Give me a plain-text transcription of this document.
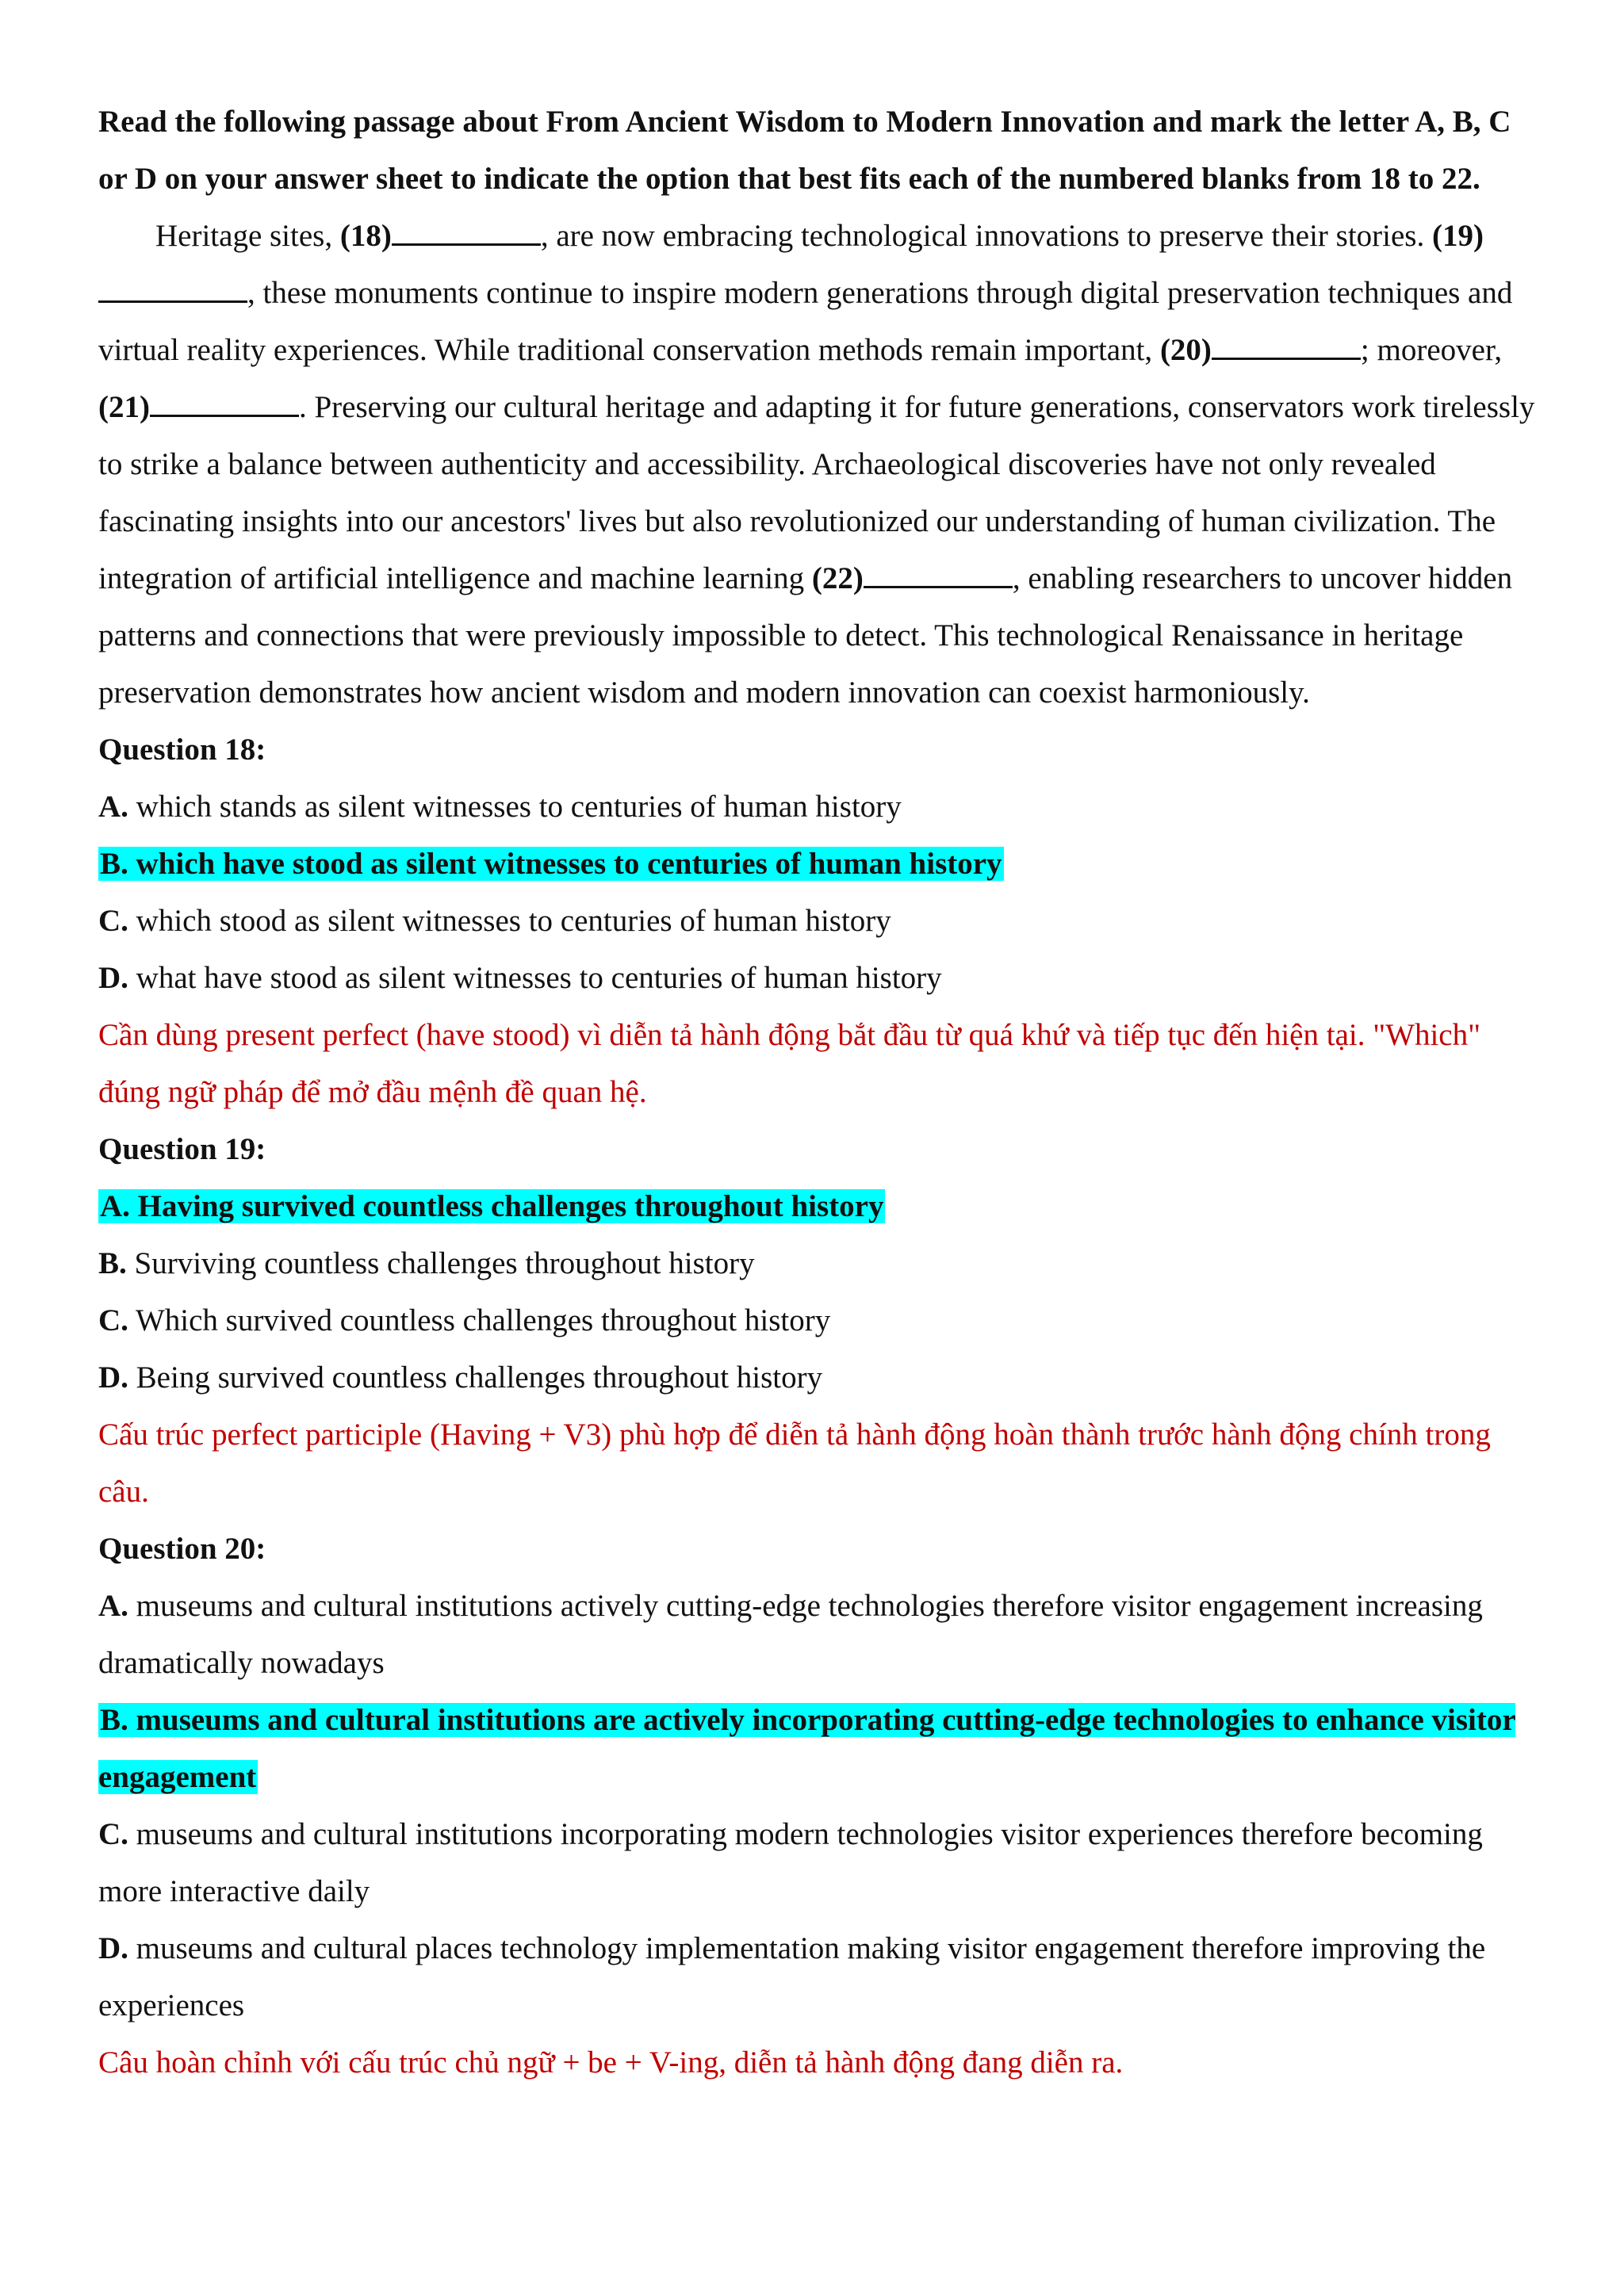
Read the following passage about From Ancient Wisdom to Modern Innovation and mark the letter A, B, C or D on your answer sheet to indicate the option that best fits each of the numbered blanks from 18 to 22.

Heritage sites, (18)	, are now embracing technological innovations to preserve their stories. (19), these monuments continue to inspire modern generations through digital preservation techniques and virtual reality experiences. While traditional conservation methods remain important, (20)	; moreover, (21)	. Preserving our cultural heritage and adapting it for future generations, conservators work tirelessly to strike a balance between authenticity and accessibility. Archaeological discoveries have not only revealed fascinating insights into our ancestors' lives but also revolutionized our understanding of human civilization. The integration of artificial intelligence and machine learning (22)	, enabling researchers to uncover hidden patterns and connections that were previously impossible to detect. This technological Renaissance in heritage preservation demonstrates how ancient wisdom and modern innovation can coexist harmoniously.

Question 18:

A. which stands as silent witnesses to centuries of human history

B. which have stood as silent witnesses to centuries of human history

C. which stood as silent witnesses to centuries of human history

D. what have stood as silent witnesses to centuries of human history

Cần dùng present perfect (have stood) vì diễn tả hành động bắt đầu từ quá khứ và tiếp tục đến hiện tại. "Which" đúng ngữ pháp để mở đầu mệnh đề quan hệ.

Question 19:

A. Having survived countless challenges throughout history

B. Surviving countless challenges throughout history

C. Which survived countless challenges throughout history

D. Being survived countless challenges throughout history

Cấu trúc perfect participle (Having + V3) phù hợp để diễn tả hành động hoàn thành trước hành động chính trong câu.

Question 20:

A. museums and cultural institutions actively cutting-edge technologies therefore visitor engagement increasing dramatically nowadays

B. museums and cultural institutions are actively incorporating cutting-edge technologies to enhance visitor engagement

C. museums and cultural institutions incorporating modern technologies visitor experiences therefore becoming more interactive daily

D. museums and cultural places technology implementation making visitor engagement therefore improving the experiences

Câu hoàn chỉnh với cấu trúc chủ ngữ + be + V-ing, diễn tả hành động đang diễn ra.
